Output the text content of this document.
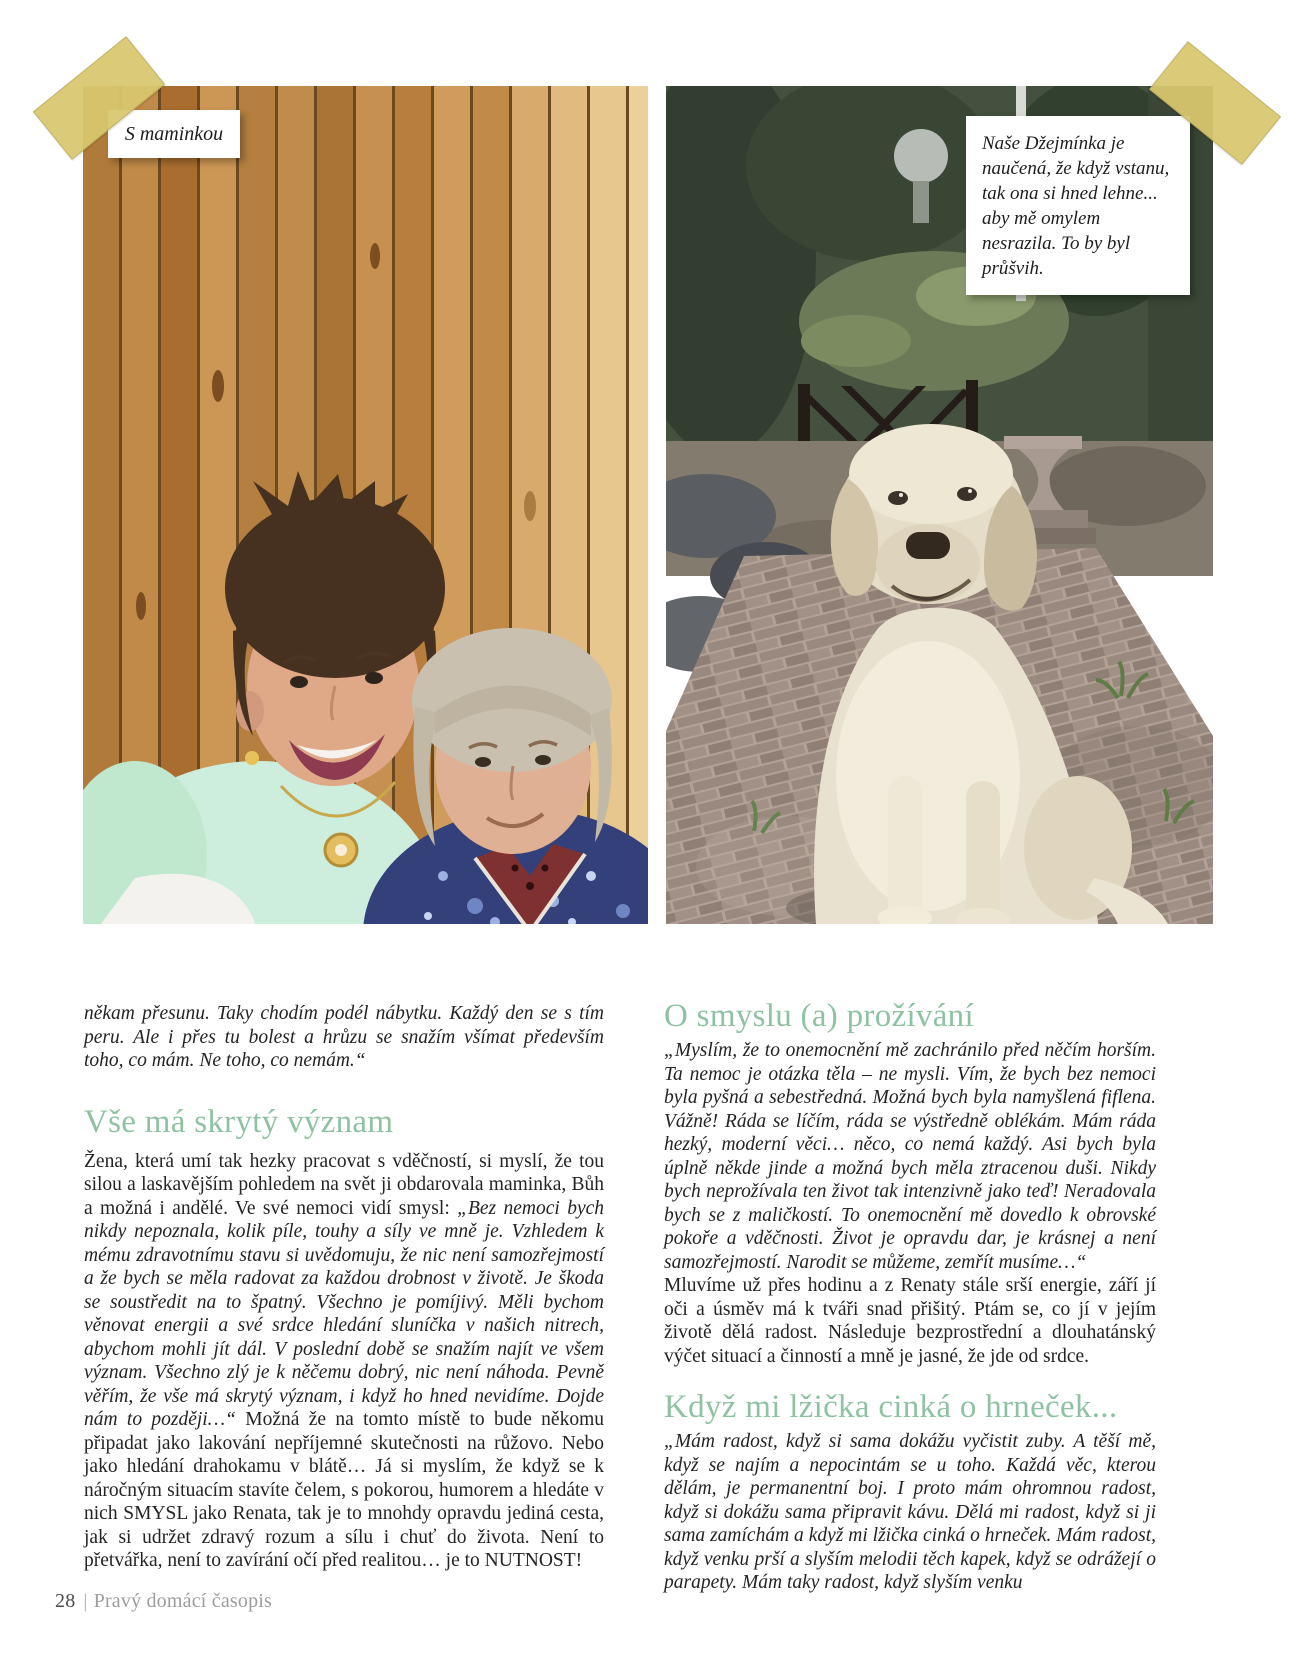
S maminkou	Naše Džejmínka je naučená, že když vstanu, tak ona si hned lehne... aby mě omylem nesrazila. To by byl průšvih.

někam přesunu. Taky chodím podél nábytku. Každý den se s tím peru. Ale i přes tu bolest a hrůzu se snažím všímat především toho, co mám. Ne toho, co nemám.“

Vše má skrytý význam

Žena, která umí tak hezky pracovat s vděčností, si myslí, že tou silou a laskavějším pohledem na svět ji obdarovala maminka, Bůh a možná i andělé. Ve své nemoci vidí smysl: „Bez nemoci bych nikdy nepoznala, kolik píle, touhy a síly ve mně je. Vzhledem k mému zdravotnímu stavu si uvědomuju, že nic není samozřejmostí a že bych se měla radovat za každou drobnost v životě. Je škoda se soustředit na to špatný. Všechno je pomíjivý. Měli bychom věnovat energii a své srdce hledání sluníčka v našich nitrech, abychom mohli jít dál. V poslední době se snažím najít ve všem význam. Všechno zlý je k něčemu dobrý, nic není náhoda. Pevně věřím, že vše má skrytý význam, i když ho hned nevidíme. Dojde nám to později…“ Možná že na tomto místě to bude někomu připadat jako lakování nepříjemné skutečnosti na růžovo. Nebo jako hledání drahokamu v blátě… Já si myslím, že když se k náročným situacím stavíte čelem, s pokorou, humorem a hledáte v nich SMYSL jako Renata, tak je to mnohdy opravdu jediná cesta, jak si udržet zdravý rozum a sílu i chuť do života. Není to přetvářka, není to zavírání očí před realitou… je to NUTNOST!

O smyslu (a) prožívání

„Myslím, že to onemocnění mě zachránilo před něčím horším. Ta nemoc je otázka těla – ne mysli. Vím, že bych bez nemoci byla pyšná a sebestředná. Možná bych byla namyšlená fiflena. Vážně! Ráda se líčím, ráda se výstředně oblékám. Mám ráda hezký, moderní věci… něco, co nemá každý. Asi bych byla úplně někde jinde a možná bych měla ztracenou duši. Nikdy bych neprožívala ten život tak intenzivně jako teď! Neradovala bych se z maličkostí. To onemocnění mě dovedlo k obrovské pokoře a vděčnosti. Život je opravdu dar, je krásnej a není samozřejmostí. Narodit se můžeme, zemřít musíme…“

Mluvíme už přes hodinu a z Renaty stále srší energie, září jí oči a úsměv má k tváři snad přišitý. Ptám se, co jí v jejím životě dělá radost. Následuje bezprostřední a dlouhatánský výčet situací a činností a mně je jasné, že jde od srdce.

Když mi lžička cinká o hrneček...

„Mám radost, když si sama dokážu vyčistit zuby. A těší mě, když se najím a nepocintám se u toho. Každá věc, kterou dělám, je permanentní boj. I proto mám ohromnou radost, když si dokážu sama připravit kávu. Dělá mi radost, když si ji sama zamíchám a když mi lžička cinká o hrneček. Mám radost, když venku prší a slyším melodii těch kapek, když se odrážejí o parapety. Mám taky radost, když slyším venku

28 | Pravý domácí časopis
